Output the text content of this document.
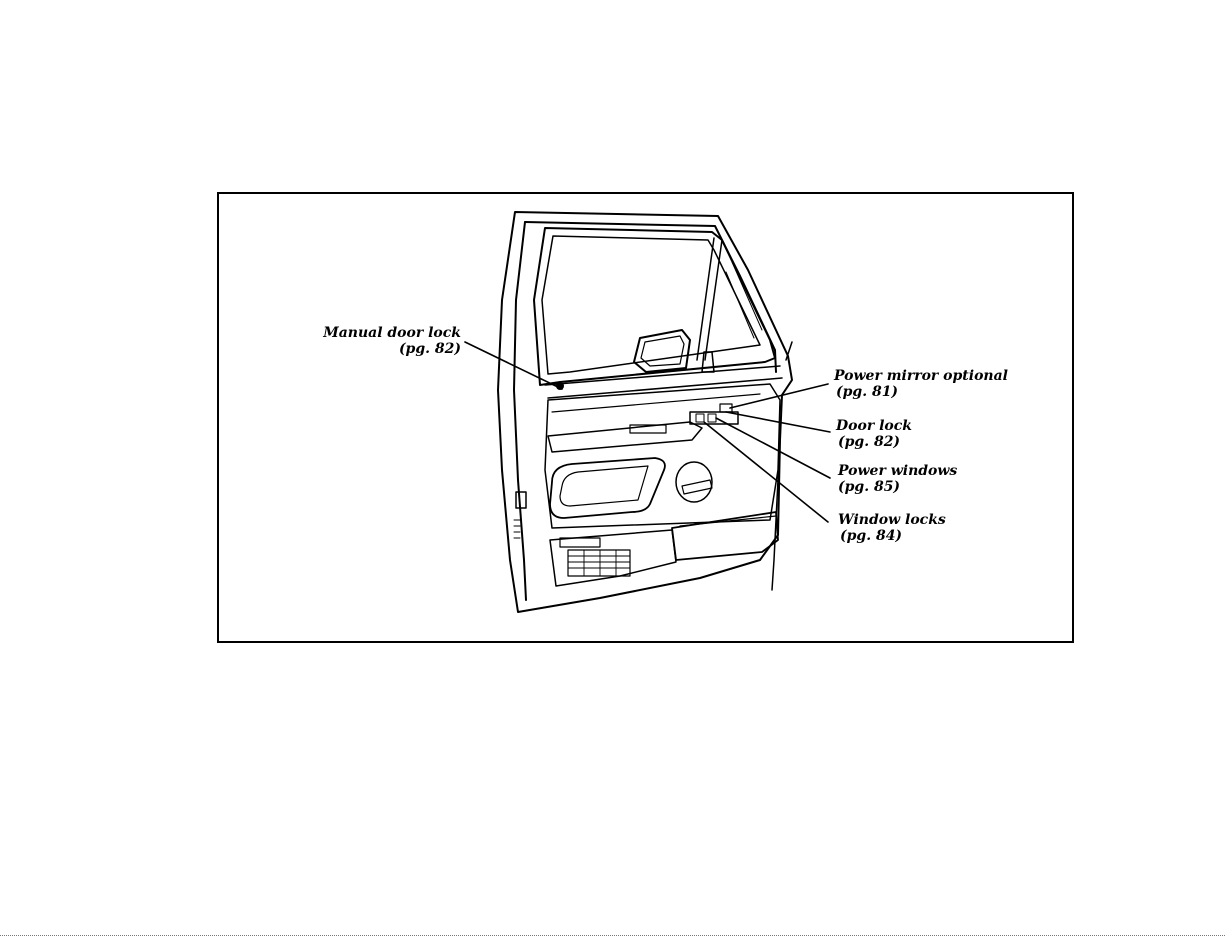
Manual door lock
(pg. 82)
Power mirror optional
(pg. 81)
Door lock
(pg. 82)
Power windows
(pg. 85)
Window locks
(pg. 84)
